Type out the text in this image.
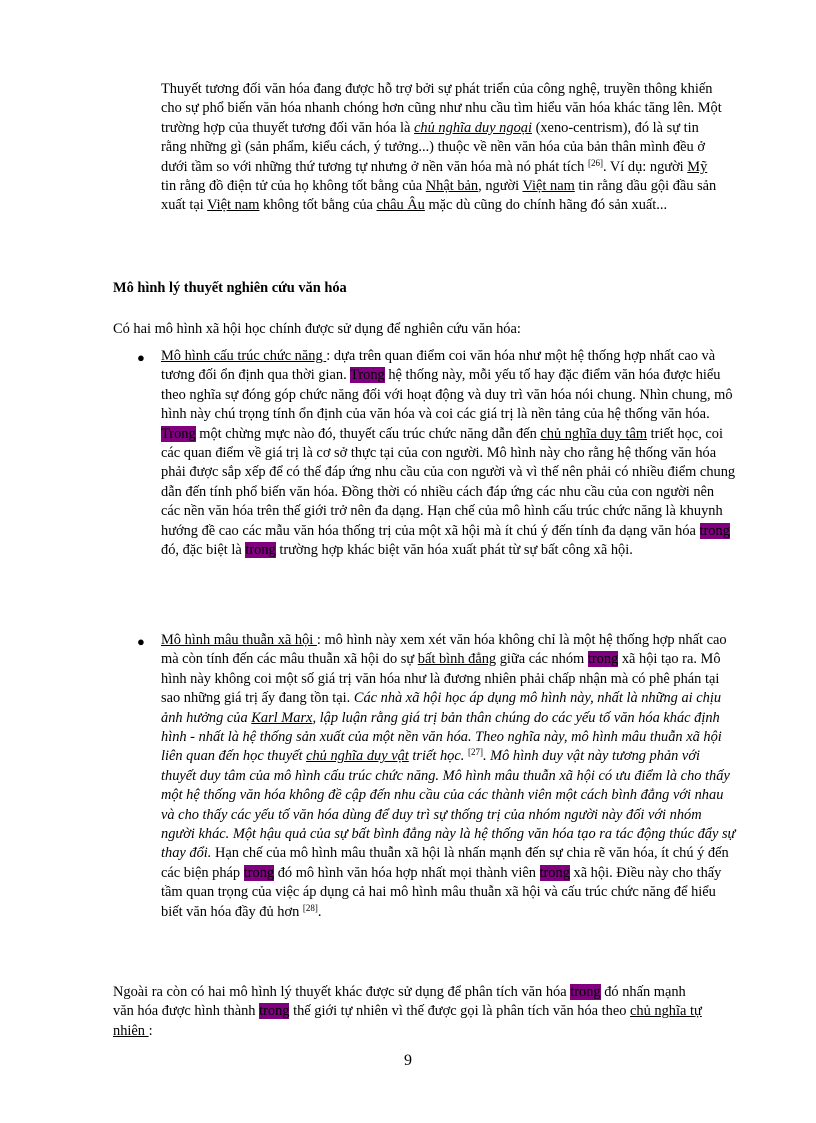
Thuyết tương đối văn hóa đang được hỗ trợ bởi sự phát triển của công nghệ, truyền thông khiến cho sự phổ biến văn hóa nhanh chóng hơn cũng như nhu cầu tìm hiểu văn hóa khác tăng lên. Một trường hợp của thuyết tương đối văn hóa là chủ nghĩa duy ngoại (xeno-centrism), đó là sự tin rằng những gì (sản phẩm, kiểu cách, ý tưởng...) thuộc về nền văn hóa của bản thân mình đều ở dưới tầm so với những thứ tương tự nhưng ở nền văn hóa mà nó phát tích [26]. Ví dụ: người Mỹ tin rằng đồ điện tử của họ không tốt bằng của Nhật bản, người Việt nam tin rằng dầu gội đầu sản xuất tại Việt nam không tốt bằng của châu Âu mặc dù cũng do chính hãng đó sản xuất...

Mô hình lý thuyết nghiên cứu văn hóa

Có hai mô hình xã hội học chính được sử dụng để nghiên cứu văn hóa:

● Mô hình cấu trúc chức năng : dựa trên quan điểm coi văn hóa như một hệ thống hợp nhất cao và tương đối ổn định qua thời gian. Trong hệ thống này, mỗi yếu tố hay đặc điểm văn hóa được hiểu theo nghĩa sự đóng góp chức năng đối với hoạt động và duy trì văn hóa nói chung. Nhìn chung, mô hình này chú trọng tính ổn định của văn hóa và coi các giá trị là nền tảng của hệ thống văn hóa. Trong một chừng mực nào đó, thuyết cấu trúc chức năng dẫn đến chủ nghĩa duy tâm triết học, coi các quan điểm về giá trị là cơ sở thực tại của con người. Mô hình này cho rằng hệ thống văn hóa phải được sắp xếp để có thể đáp ứng nhu cầu của con người và vì thế nên phải có nhiều điểm chung dẫn đến tính phổ biến văn hóa. Đồng thời có nhiều cách đáp ứng các nhu cầu của con người nên các nền văn hóa trên thế giới trở nên đa dạng. Hạn chế của mô hình cấu trúc chức năng là khuynh hướng đề cao các mẫu văn hóa thống trị của một xã hội mà ít chú ý đến tính đa dạng văn hóa trong đó, đặc biệt là trong trường hợp khác biệt văn hóa xuất phát từ sự bất công xã hội.

● Mô hình mâu thuẫn xã hội : mô hình này xem xét văn hóa không chỉ là một hệ thống hợp nhất cao mà còn tính đến các mâu thuẫn xã hội do sự bất bình đẳng giữa các nhóm trong xã hội tạo ra. Mô hình này không coi một số giá trị văn hóa như là đương nhiên phải chấp nhận mà có phê phán tại sao những giá trị ấy đang tồn tại. Các nhà xã hội học áp dụng mô hình này, nhất là những ai chịu ảnh hưởng của Karl Marx, lập luận rằng giá trị bản thân chúng do các yếu tố văn hóa khác định hình - nhất là hệ thống sản xuất của một nền văn hóa. Theo nghĩa này, mô hình mâu thuẫn xã hội liên quan đến học thuyết chủ nghĩa duy vật triết học. [27]. Mô hình duy vật này tương phản với thuyết duy tâm của mô hình cấu trúc chức năng. Mô hình mâu thuẫn xã hội có ưu điểm là cho thấy một hệ thống văn hóa không đề cập đến nhu cầu của các thành viên một cách bình đẳng với nhau và cho thấy các yếu tố văn hóa dùng để duy trì sự thống trị của nhóm người này đối với nhóm người khác. Một hậu quả của sự bất bình đẳng này là hệ thống văn hóa tạo ra tác động thúc đẩy sự thay đổi. Hạn chế của mô hình mâu thuẫn xã hội là nhấn mạnh đến sự chia rẽ văn hóa, ít chú ý đến các biện pháp trong đó mô hình văn hóa hợp nhất mọi thành viên trong xã hội. Điều này cho thấy tầm quan trọng của việc áp dụng cả hai mô hình mâu thuẫn xã hội và cấu trúc chức năng để hiểu biết văn hóa đầy đủ hơn [28].

Ngoài ra còn có hai mô hình lý thuyết khác được sử dụng để phân tích văn hóa trong đó nhấn mạnh văn hóa được hình thành trong thế giới tự nhiên vì thế được gọi là phân tích văn hóa theo chủ nghĩa tự nhiên :

9
